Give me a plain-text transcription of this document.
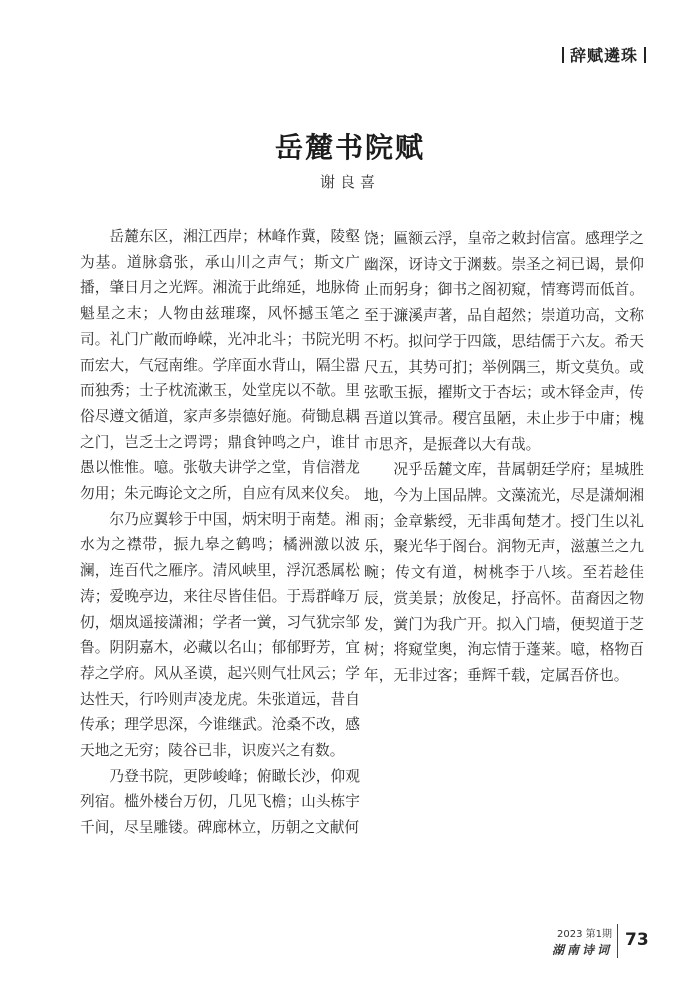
辞赋遴珠
岳麓书院赋
谢良喜

岳麓东区，湘江西岸；林峰作冀，陵壑为基。道脉翕张，承山川之声气；斯文广播，肇日月之光辉。湘流于此绵延，地脉倚魁星之末；人物由兹璀璨，风怀撼玉笔之司。礼门广敞而峥嵘，光冲北斗；书院光明而宏大，气冠南维。学庠面水背山，隔尘嚣而独秀；士子枕流漱玉，处堂庑以不欹。里俗尽遵文循道，家声多崇德好施。荷锄息耦之门，岂乏士之谔谔；鼎食钟鸣之户，谁甘愚以惟惟。噫。张敬夫讲学之堂，肯信潜龙勿用；朱元晦论文之所，自应有凤来仪矣。

尔乃应翼轸于中国，炳宋明于南楚。湘水为之襟带，振九皋之鹤鸣；橘洲激以波澜，连百代之雁序。清风峡里，浮沉悉属松涛；爱晚亭边，来往尽皆佳侣。于焉群峰万仞，烟岚遥接潇湘；学者一黉，习气犹宗邹鲁。阴阴嘉木，必藏以名山；郁郁野芳，宜荐之学府。风从圣谟，起兴则气壮风云；学达性天，行吟则声凌龙虎。朱张道远，昔自传承；理学思深，今谁继武。沧桑不改，感天地之无穷；陵谷已非，识废兴之有数。

乃登书院，更陟峻峰；俯瞰长沙，仰观列宿。槛外楼台万仞，几见飞檐；山头栋宇千间，尽呈雕镂。碑廊林立，历朝之文献何

饶；匾额云浮，皇帝之敕封信富。感理学之幽深，讶诗文于渊薮。崇圣之祠已谒，景仰止而躬身；御书之阁初窥，情骞谔而低首。至于濂溪声著，品自超然；崇道功高，文称不朽。拟问学于四箴，思结儒于六友。希天尺五，其势可扪；举例隅三，斯文莫负。或弦歌玉振，擢斯文于杏坛；或木铎金声，传吾道以箕帚。稷宫虽陋，未止步于中庸；槐市思齐，是振聋以大有哉。

况乎岳麓文库，昔属朝廷学府；星城胜地，今为上国品牌。文藻流光，尽是潇炯湘雨；金章紫绶，无非禹甸楚才。授门生以礼乐，聚光华于阁台。润物无声，滋蕙兰之九畹；传文有道，树桃李于八垓。至若趁佳辰，赏美景；放俊足，抒高怀。苗裔因之物发，黉门为我广开。拟入门墙，便契道于芝树；将窥堂奥，洵忘情于蓬莱。噫，格物百年，无非过客；垂辉千载，定属吾侪也。

2023 第1期
湖南诗词 73
